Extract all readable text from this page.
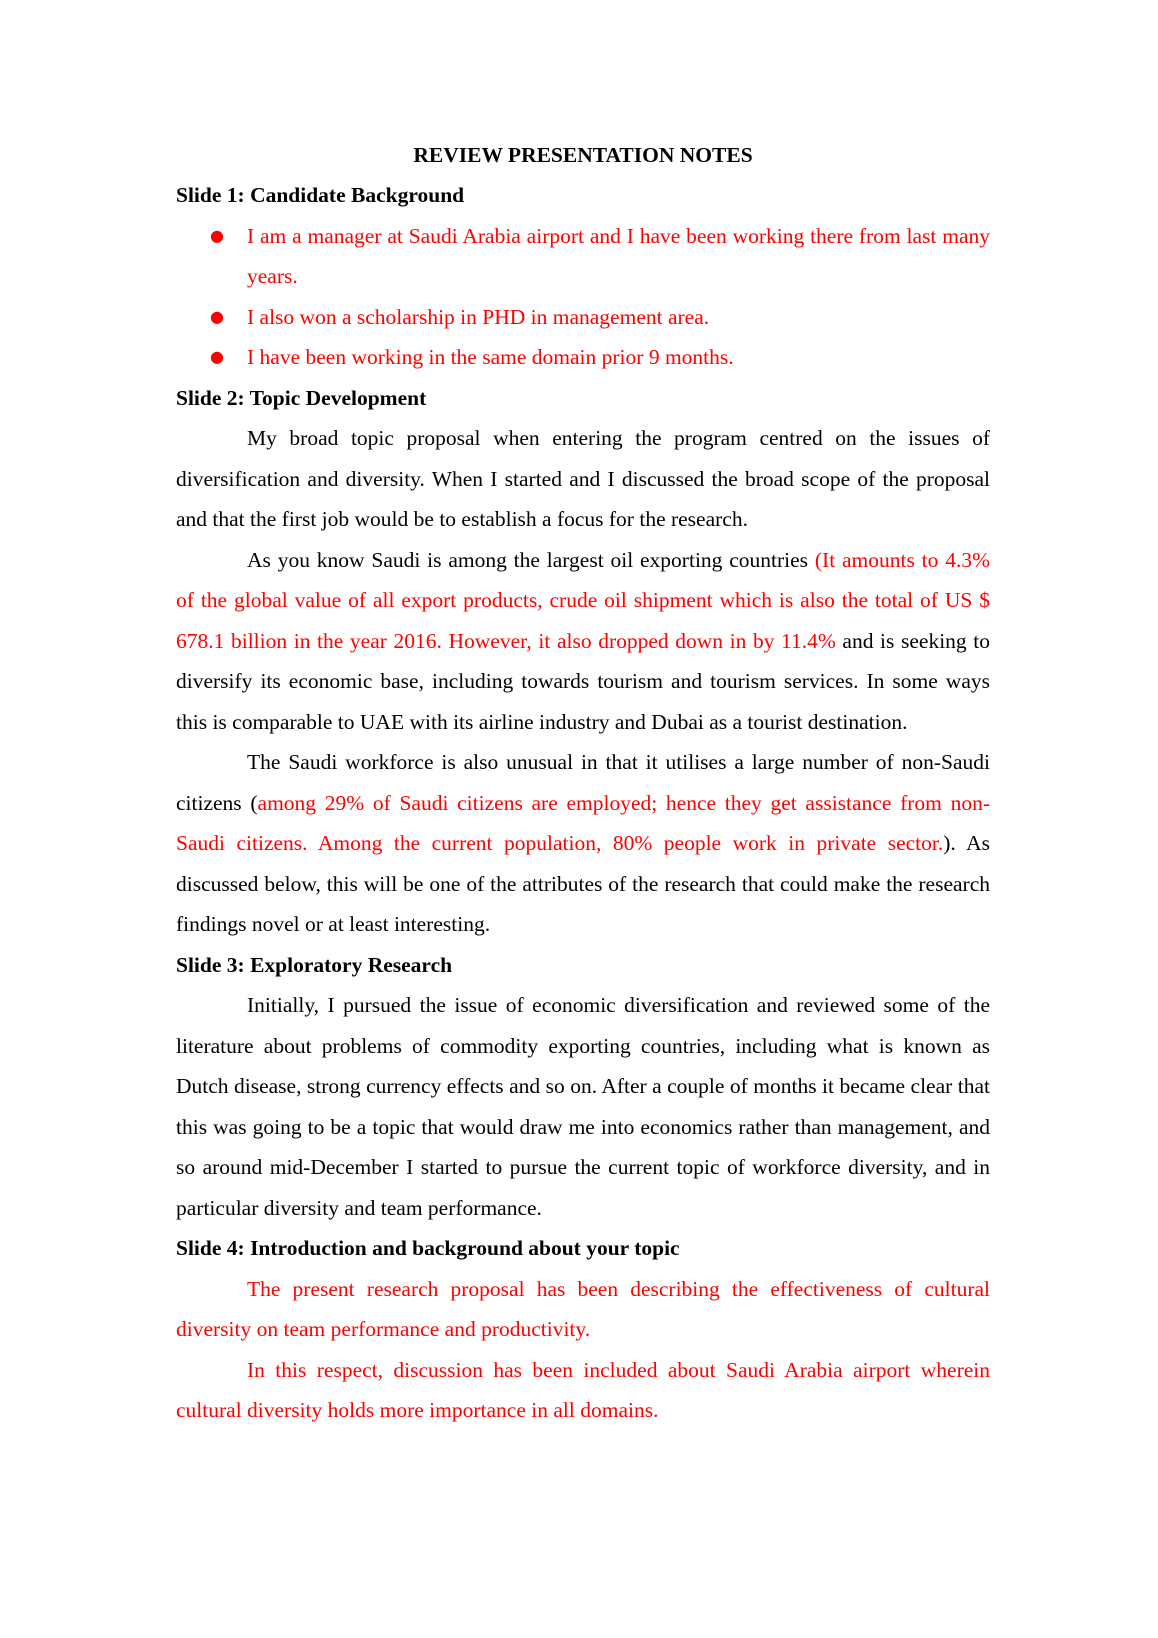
REVIEW PRESENTATION NOTES

Slide 1: Candidate Background

● I am a manager at Saudi Arabia airport and I have been working there from last many years.
● I also won a scholarship in PHD in management area.
● I have been working in the same domain prior 9 months.

Slide 2: Topic Development

My broad topic proposal when entering the program centred on the issues of diversification and diversity. When I started and I discussed the broad scope of the proposal and that the first job would be to establish a focus for the research.

As you know Saudi is among the largest oil exporting countries (It amounts to 4.3% of the global value of all export products, crude oil shipment which is also the total of US $ 678.1 billion in the year 2016. However, it also dropped down in by 11.4% and is seeking to diversify its economic base, including towards tourism and tourism services. In some ways this is comparable to UAE with its airline industry and Dubai as a tourist destination.

The Saudi workforce is also unusual in that it utilises a large number of non-Saudi citizens (among 29% of Saudi citizens are employed; hence they get assistance from non- Saudi citizens. Among the current population, 80% people work in private sector.). As discussed below, this will be one of the attributes of the research that could make the research findings novel or at least interesting.

Slide 3: Exploratory Research

Initially, I pursued the issue of economic diversification and reviewed some of the literature about problems of commodity exporting countries, including what is known as Dutch disease, strong currency effects and so on. After a couple of months it became clear that this was going to be a topic that would draw me into economics rather than management, and so around mid-December I started to pursue the current topic of workforce diversity, and in particular diversity and team performance.

Slide 4: Introduction and background about your topic

The present research proposal has been describing the effectiveness of cultural diversity on team performance and productivity.

In this respect, discussion has been included about Saudi Arabia airport wherein cultural diversity holds more importance in all domains.
